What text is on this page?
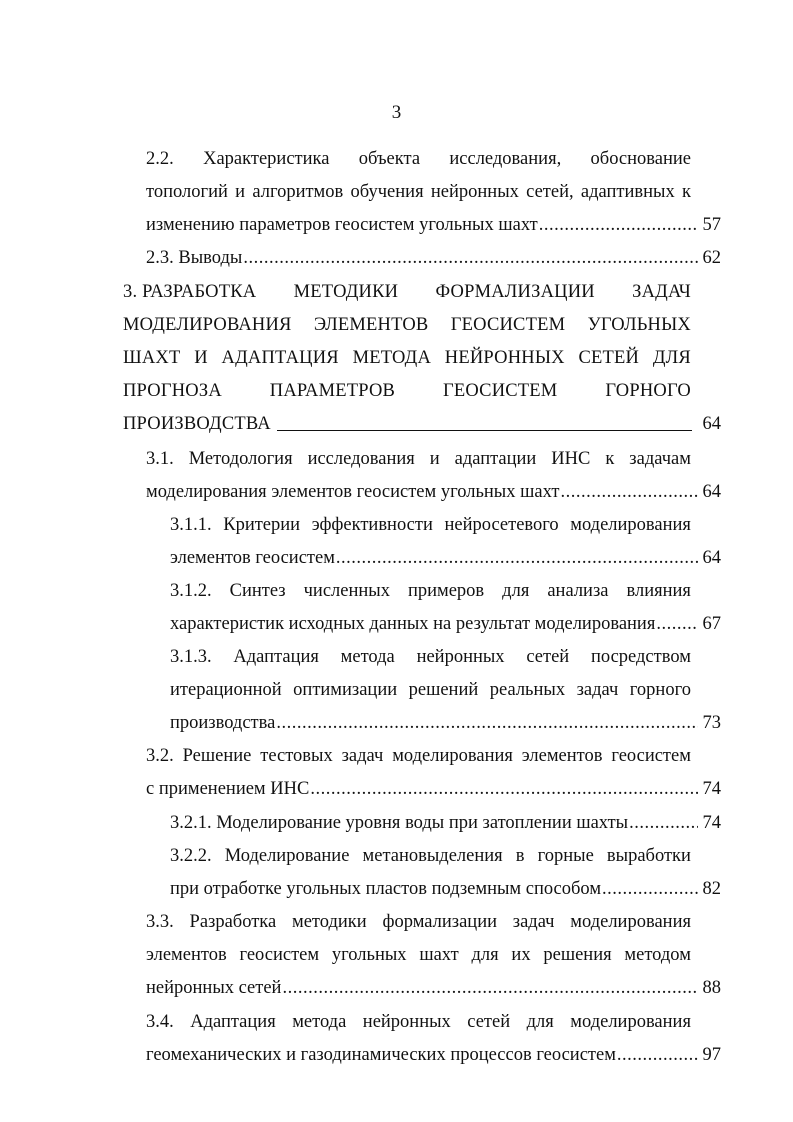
3
2.2. Характеристика объекта исследования, обоснование
топологий и алгоритмов обучения нейронных сетей, адаптивных к
изменению параметров геосистем угольных шахт .....	57
2.3. Выводы .....	62
3. РАЗРАБОТКА МЕТОДИКИ ФОРМАЛИЗАЦИИ ЗАДАЧ
МОДЕЛИРОВАНИЯ ЭЛЕМЕНТОВ ГЕОСИСТЕМ УГОЛЬНЫХ
ШАХТ И АДАПТАЦИЯ МЕТОДА НЕЙРОННЫХ СЕТЕЙ ДЛЯ
ПРОГНОЗА	ПАРАМЕТРОВ	ГЕОСИСТЕМ	ГОРНОГО
ПРОИЗВОДСТВА	64
3.1. Методология исследования и адаптации ИНС к задачам
моделирования элементов геосистем угольных шахт .....	64
3.1.1. Критерии эффективности нейросетевого моделирования
элементов геосистем .....	64
3.1.2. Синтез численных примеров для анализа влияния
характеристик исходных данных на результат моделирования .....	67
3.1.3. Адаптация метода нейронных сетей посредством
итерационной оптимизации решений реальных задач горного
производства .....	73
3.2. Решение тестовых задач моделирования элементов геосистем
с применением ИНС .....	74
3.2.1. Моделирование уровня воды при затоплении шахты .....	74
3.2.2. Моделирование метановыделения в горные выработки
при отработке угольных пластов подземным способом .....	82
3.3. Разработка методики формализации задач моделирования
элементов геосистем угольных шахт для их решения методом
нейронных сетей .....	88
3.4. Адаптация метода нейронных сетей для моделирования
геомеханических и газодинамических процессов геосистем .....	97
